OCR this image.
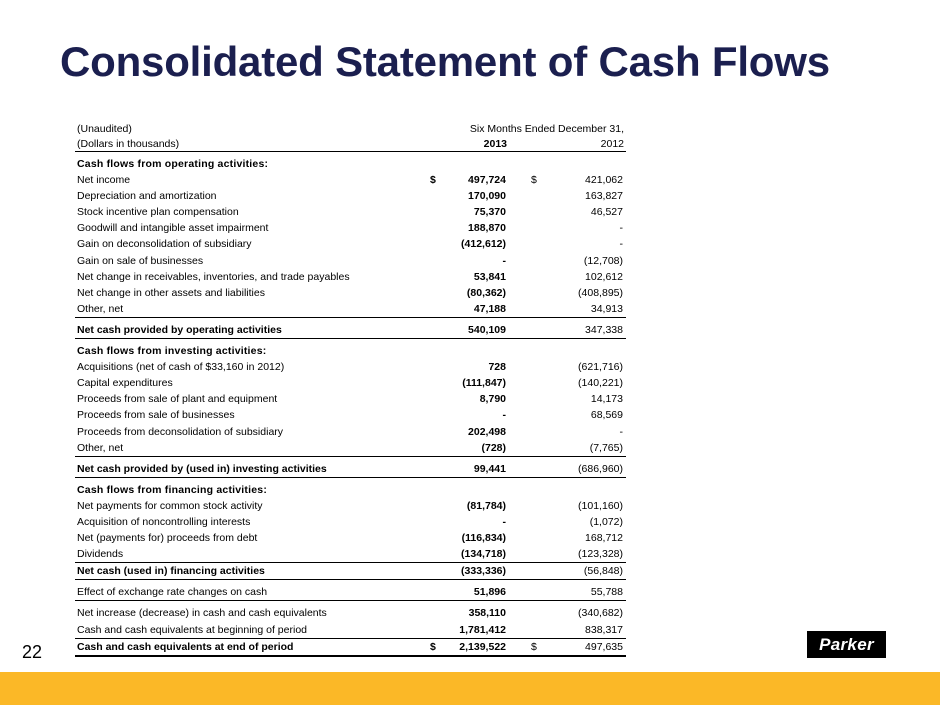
Consolidated Statement of Cash Flows
(Unaudited)	Six Months Ended December 31,
(Dollars in thousands)	2013	2012
Cash flows from operating activities:
Net income	$	497,724 $	421,062
Depreciation and amortization	170,090	163,827
Stock incentive plan compensation	75,370	46,527
Goodwill and intangible asset impairment	188,870	-
Gain on deconsolidation of subsidiary	(412,612)	-
Gain on sale of businesses	-	(12,708)
Net change in receivables, inventories, and trade payables	53,841	102,612
Net change in other assets and liabilities	(80,362)	(408,895)
Other, net	47,188	34,913
Net cash provided by operating activities	540,109	347,338
Cash flows from investing activities:
Acquisitions (net of cash of $33,160 in 2012)	728	(621,716)
Capital expenditures	(111,847)	(140,221)
Proceeds from sale of plant and equipment	8,790	14,173
Proceeds from sale of businesses	-	68,569
Proceeds from deconsolidation of subsidiary	202,498	-
Other, net	(728)	(7,765)
Net cash provided by (used in) investing activities	99,441	(686,960)
Cash flows from financing activities:
Net payments for common stock activity	(81,784)	(101,160)
Acquisition of noncontrolling interests	-	(1,072)
Net (payments for) proceeds from debt	(116,834)	168,712
Dividends	(134,718)	(123,328)
Net cash (used in) financing activities	(333,336)	(56,848)
Effect of exchange rate changes on cash	51,896	55,788
Net increase (decrease) in cash and cash equivalents	358,110	(340,682)
Cash and cash equivalents at beginning of period	1,781,412	838,317
Cash and cash equivalents at end of period	$	2,139,522 $	497,635
22	Parker
